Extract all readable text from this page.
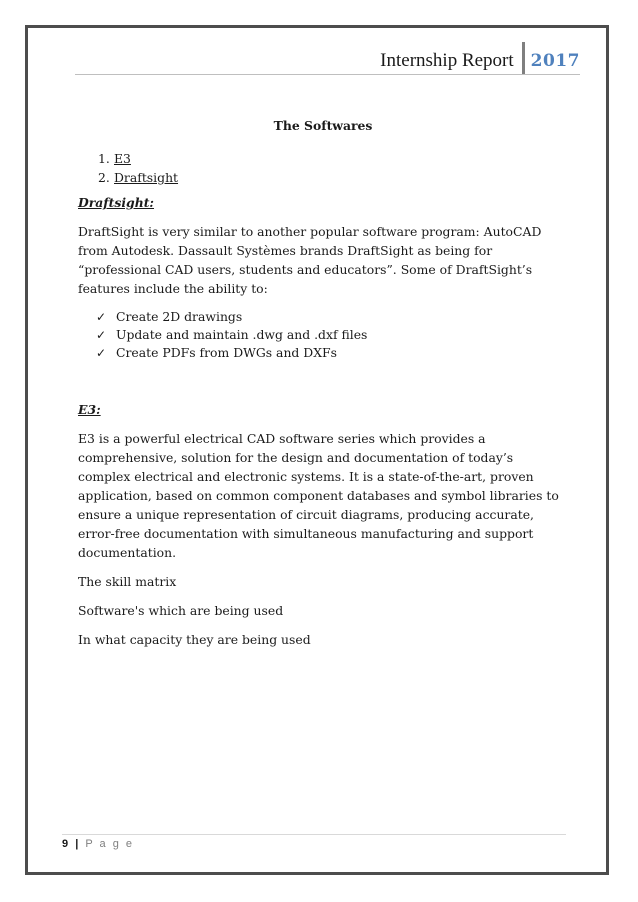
Internship Report	2017
The Softwares
1. E3
2. Draftsight
Draftsight:

DraftSight is very similar to another popular software program: AutoCAD from Autodesk. Dassault Systèmes brands DraftSight as being for “professional CAD users, students and educators”. Some of DraftSight’s features include the ability to:

✓ Create 2D drawings
✓ Update and maintain .dwg and .dxf files
✓ Create PDFs from DWGs and DXFs
E3:

E3 is a powerful electrical CAD software series which provides a comprehensive, solution for the design and documentation of today’s complex electrical and electronic systems. It is a state-of-the-art, proven application, based on common component databases and symbol libraries to ensure a unique representation of circuit diagrams, producing accurate, error-free documentation with simultaneous manufacturing and support documentation.

The skill matrix

Software's which are being used

In what capacity they are being used

9 | P a g e
